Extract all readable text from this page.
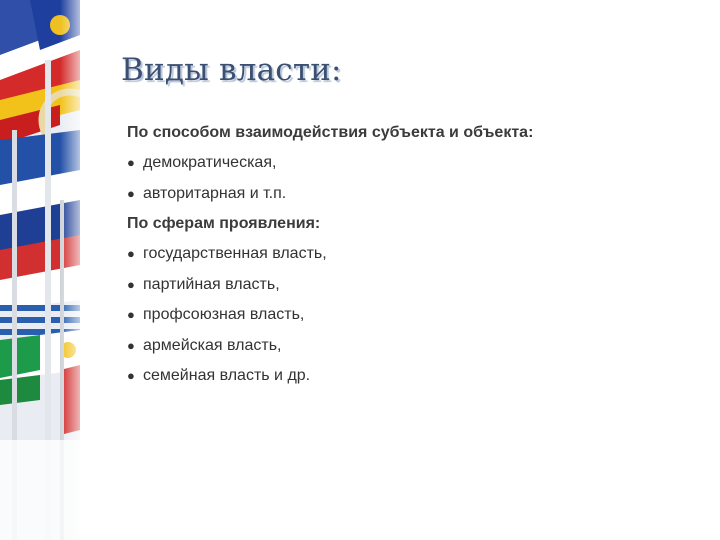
Виды власти:
По способом взаимодействия субъекта и объекта:
● демократическая,
● авторитарная и т.п.
По сферам проявления:
● государственная власть,
● партийная власть,
● профсоюзная власть,
● армейская власть,
● семейная власть и др.
